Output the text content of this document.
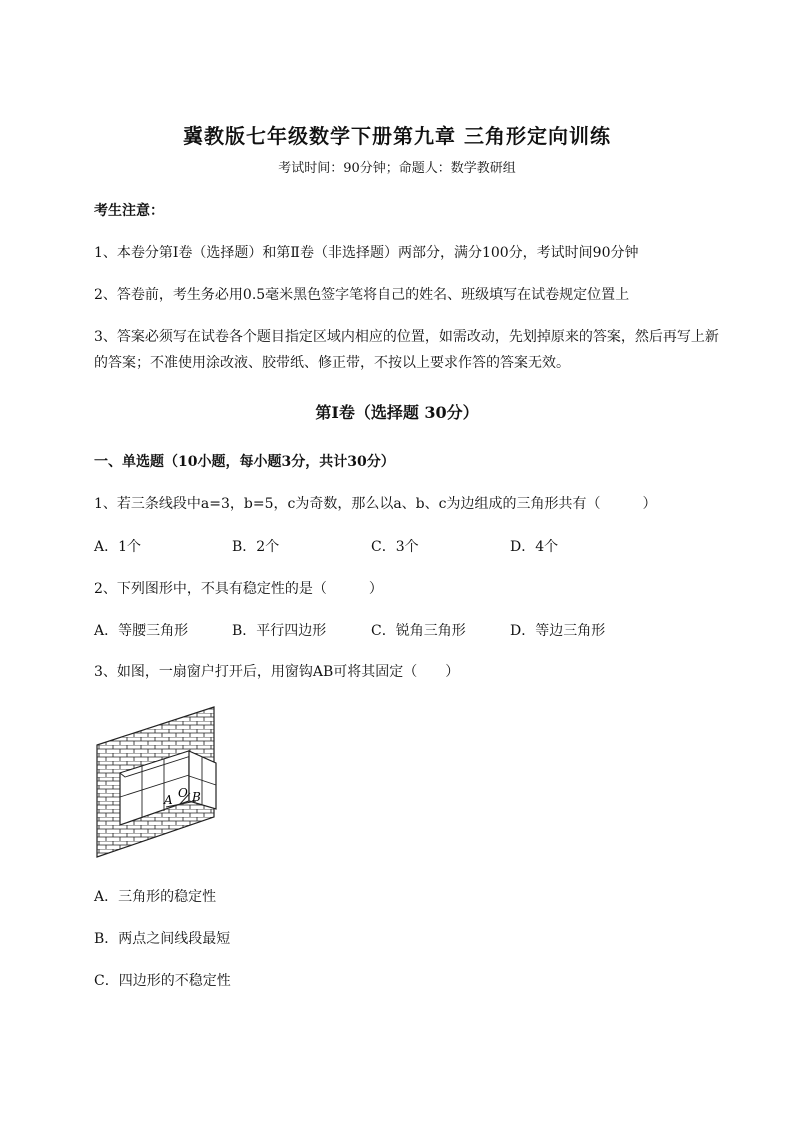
冀教版七年级数学下册第九章 三角形定向训练
考试时间：90分钟；命题人：数学教研组
考生注意：
1、本卷分第Ⅰ卷（选择题）和第Ⅱ卷（非选择题）两部分，满分100分，考试时间90分钟
2、答卷前，考生务必用0.5毫米黑色签字笔将自己的姓名、班级填写在试卷规定位置上
3、答案必须写在试卷各个题目指定区域内相应的位置，如需改动，先划掉原来的答案，然后再写上新
的答案；不准使用涂改液、胶带纸、修正带，不按以上要求作答的答案无效。
第Ⅰ卷（选择题 30分）
一、单选题（10小题，每小题3分，共计30分）
1、若三条线段中a=3，b=5，c为奇数，那么以a、b、c为边组成的三角形共有（　　　）
A．1个	B．2个	C．3个	D．4个
2、下列图形中，不具有稳定性的是（　　　）
A．等腰三角形	B．平行四边形	C．锐角三角形	D．等边三角形
3、如图，一扇窗户打开后，用窗钩AB可将其固定（　　）
A O B
A．三角形的稳定性
B．两点之间线段最短
C．四边形的不稳定性
